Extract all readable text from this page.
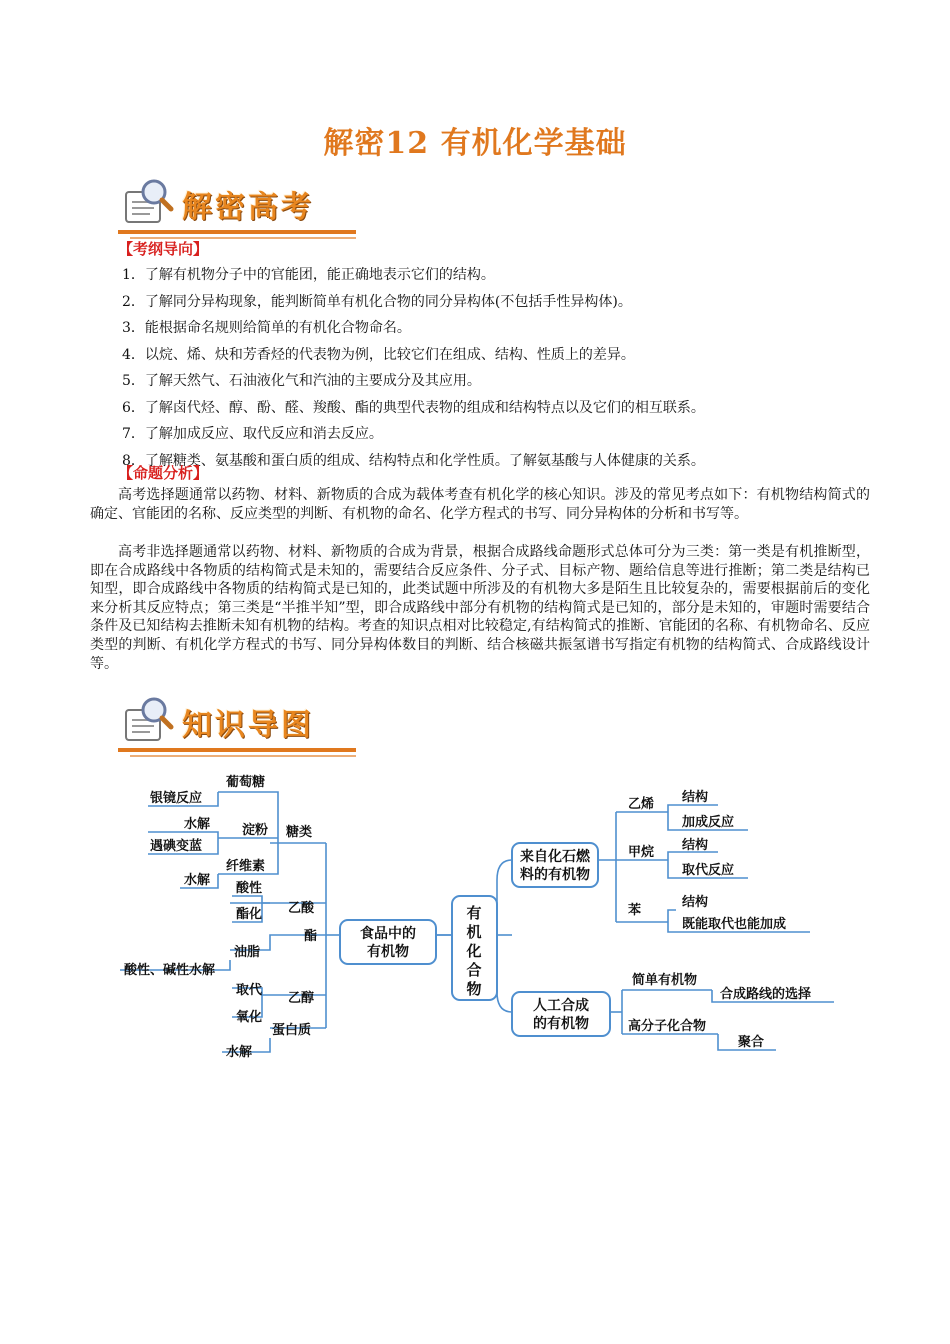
解密12 有机化学基础
解密高考
【考纲导向】
1．了解有机物分子中的官能团，能正确地表示它们的结构。
2．了解同分异构现象，能判断简单有机化合物的同分异构体(不包括手性异构体)。
3．能根据命名规则给简单的有机化合物命名。
4．以烷、烯、炔和芳香烃的代表物为例，比较它们在组成、结构、性质上的差异。
5．了解天然气、石油液化气和汽油的主要成分及其应用。
6．了解卤代烃、醇、酚、醛、羧酸、酯的典型代表物的组成和结构特点以及它们的相互联系。
7．了解加成反应、取代反应和消去反应。
8．了解糖类、氨基酸和蛋白质的组成、结构特点和化学性质。了解氨基酸与人体健康的关系。
【命题分析】

高考选择题通常以药物、材料、新物质的合成为载体考查有机化学的核心知识。涉及的常见考点如下：有机物结构简式的确定、官能团的名称、反应类型的判断、有机物的命名、化学方程式的书写、同分异构体的分析和书写等。

高考非选择题通常以药物、材料、新物质的合成为背景，根据合成路线命题形式总体可分为三类：第一类是有机推断型，即在合成路线中各物质的结构简式是未知的，需要结合反应条件、分子式、目标产物、题给信息等进行推断；第二类是结构已知型，即合成路线中各物质的结构简式是已知的，此类试题中所涉及的有机物大多是陌生且比较复杂的，需要根据前后的变化来分析其反应特点；第三类是“半推半知”型，即合成路线中部分有机物的结构简式是已知的，部分是未知的，审题时需要结合条件及已知结构去推断未知有机物的结构。考查的知识点相对比较稳定,有结构简式的推断、官能团的名称、有机物命名、反应类型的判断、有机化学方程式的书写、同分异构体数目的判断、结合核磁共振氢谱书写指定有机物的结构简式、合成路线设计等。

知识导图
有
机
化
合
物
食品中的
有机物
来自化石燃
料的有机物
人工合成
的有机物
糖类
葡萄糖
银镜反应
淀粉
水解
遇碘变蓝
纤维素
水解
乙酸
酸性
酯化
酯
油脂
酸性、碱性水解
乙醇
取代
氧化
蛋白质
水解
乙烯 结构
加成反应
甲烷 结构
取代反应
苯
结构
既能取代也能加成
简单有机物
合成路线的选择
高分子化合物
聚合
